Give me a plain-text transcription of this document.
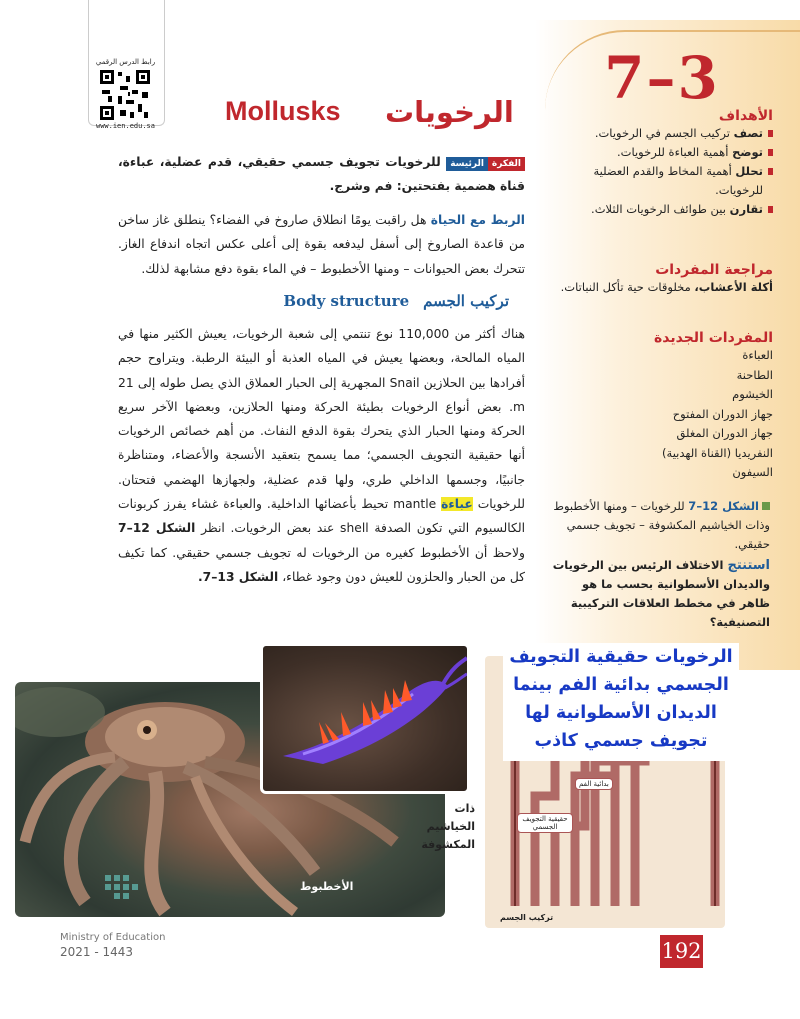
7–3
الأهداف
تصف تركيب الجسم في الرخويات.
توضح أهمية العباءة للرخويات.
تحلل أهمية المخاط والقدم العضلية للرخويات.
تقارن بين طوائف الرخويات الثلاث.
مراجعة المفردات
أكلة الأعشاب، مخلوقات حية تأكل النباتات.
المفردات الجديدة
العباءة
الطاحنة
الخيشوم
جهاز الدوران المفتوح
جهاز الدوران المغلق
النفريديا (القناة الهدبية)
السيفون
الشكل 12–7 للرخويات – ومنها الأخطبوط وذات الخياشيم المكشوفة – تجويف جسمي حقيقي.
استنتج الاختلاف الرئيس بين الرخويات والديدان الأسطوانية بحسب ما هو ظاهر في مخطط العلاقات التركيبية التصنيفية؟
رابط الدرس الرقمي
www.ien.edu.sa	الرخويات
Mollusks
الفكرةالرئيسة للرخويات تجويف جسمي حقيقي، قدم عضلية، عباءة، قناة هضمية بفتحتين: فم وشرج.
الربط مع الحياة هل راقبت يومًا انطلاق صاروخ في الفضاء؟ ينطلق غاز ساخن من قاعدة الصاروخ إلى أسفل ليدفعه بقوة إلى أعلى عكس اتجاه اندفاع الغاز. تتحرك بعض الحيوانات – ومنها الأخطبوط – في الماء بقوة دفع مشابهة لذلك.
تركيب الجسمBody structure
هناك أكثر من 110,000 نوع تنتمي إلى شعبة الرخويات، يعيش الكثير منها في المياه المالحة، وبعضها يعيش في المياه العذبة أو البيئة الرطبة. ويتراوح حجم أفرادها بين الحلازين Snail المجهرية إلى الحبار العملاق الذي يصل طوله إلى 21 m. بعض أنواع الرخويات بطيئة الحركة ومنها الحلازين، وبعضها الآخر سريع الحركة ومنها الحبار الذي يتحرك بقوة الدفع النفاث. من أهم خصائص الرخويات أنها حقيقية التجويف الجسمي؛ مما يسمح بتعقيد الأنسجة والأعضاء، ومتناظرة جانبيًا، وجسمها الداخلي طري، ولها قدم عضلية، ولجهازها الهضمي فتحتان. للرخويات عباءة mantle تحيط بأعضائها الداخلية. والعباءة غشاء يفرز كربونات الكالسيوم التي تكون الصدفة shell عند بعض الرخويات. انظر الشكل 12–7 ولاحظ أن الأخطبوط كغيره من الرخويات له تجويف جسمي حقيقي. كما تكيف كل من الحبار والحلزون للعيش دون وجود غطاء، الشكل 13–7.
الأخطبوط
ذات الخياشيم المكشوفة
بدائية الفم
حقيقية التجويف الجسمي
تركيب الجسم
الرخويات حقيقية التجويف الجسمي بدائية الفم بينما الديدان الأسطوانية لها تجويف جسمي كاذب
Ministry of Education
2021 - 1443	192
